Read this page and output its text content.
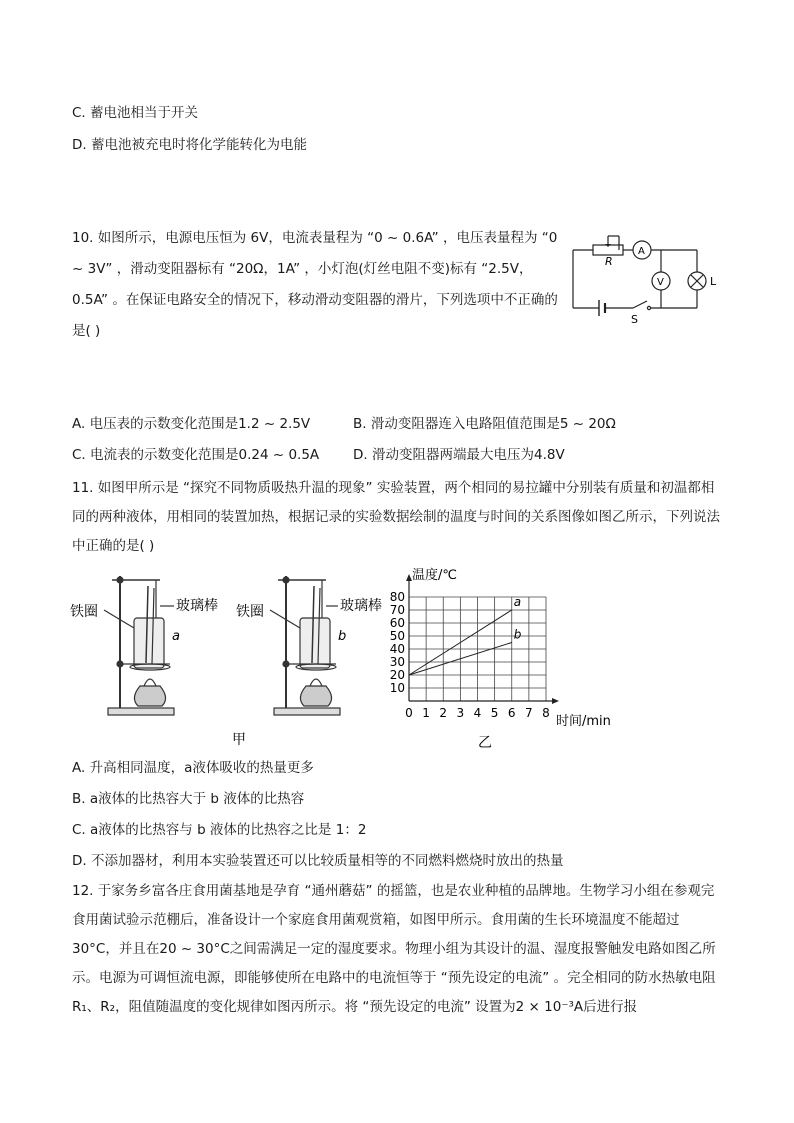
C. 蓄电池相当于开关
D. 蓄电池被充电时将化学能转化为电能
10. 如图所示，电源电压恒为 6V，电流表量程为 “0 ~ 0.6A” ，电压表量程为 “0 ~ 3V” ，滑动变阻器标有 “20Ω，1A” ，小灯泡(灯丝电阻不变)标有 “2.5V，0.5A” 。在保证电路安全的情况下，移动滑动变阻器的滑片，下列选项中不正确的是( )
R
A
V	L
S
A. 电压表的示数变化范围是1.2 ~ 2.5V	B. 滑动变阻器连入电路阻值范围是5 ~ 20Ω
C. 电流表的示数变化范围是0.24 ~ 0.5A	D. 滑动变阻器两端最大电压为4.8V
11. 如图甲所示是 “探究不同物质吸热升温的现象” 实验装置，两个相同的易拉罐中分别装有质量和初温都相同的两种液体，用相同的装置加热，根据记录的实验数据绘制的温度与时间的关系图像如图乙所示，下列说法中正确的是( )
铁圈	玻璃棒
a
铁圈	玻璃棒
b
甲
0 1 2 3 4 5 6 7 8
10
20
30
40
50
60
70
80	a
b
温度/℃
时间/min
乙
A. 升高相同温度，a液体吸收的热量更多
B. a液体的比热容大于 b 液体的比热容
C. a液体的比热容与 b 液体的比热容之比是 1：2
D. 不添加器材，利用本实验装置还可以比较质量相等的不同燃料燃烧时放出的热量
12. 于家务乡富各庄食用菌基地是孕育 “通州蘑菇” 的摇篮，也是农业种植的品牌地。生物学习小组在参观完食用菌试验示范棚后，准备设计一个家庭食用菌观赏箱，如图甲所示。食用菌的生长环境温度不能超过30°C，并且在20 ~ 30°C之间需满足一定的湿度要求。物理小组为其设计的温、湿度报警触发电路如图乙所示。电源为可调恒流电源，即能够使所在电路中的电流恒等于 “预先设定的电流” 。完全相同的防水热敏电阻R₁、R₂，阻值随温度的变化规律如图丙所示。将 “预先设定的电流” 设置为2 × 10⁻³A后进行报
